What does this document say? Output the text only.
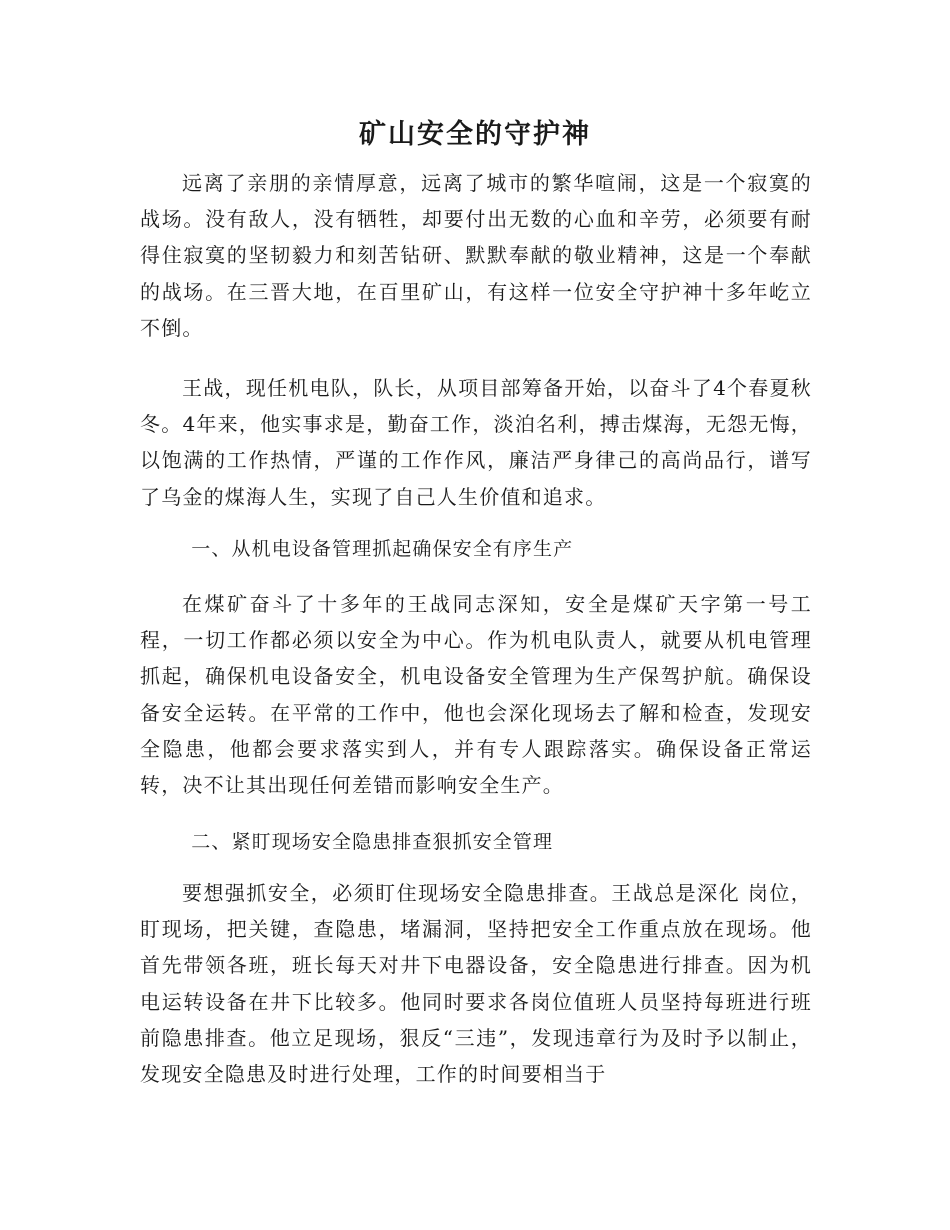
矿山安全的守护神

远离了亲朋的亲情厚意，远离了城市的繁华喧闹，这是一个寂寞的战场。没有敌人，没有牺牲，却要付出无数的心血和辛劳，必须要有耐得住寂寞的坚韧毅力和刻苦钻研、默默奉献的敬业精神，这是一个奉献的战场。在三晋大地，在百里矿山，有这样一位安全守护神十多年屹立不倒。

王战，现任机电队，队长，从项目部筹备开始，以奋斗了4个春夏秋冬。4年来，他实事求是，勤奋工作，淡泊名利，搏击煤海，无怨无悔，以饱满的工作热情，严谨的工作作风，廉洁严身律己的高尚品行，谱写了乌金的煤海人生，实现了自己人生价值和追求。

一、从机电设备管理抓起确保安全有序生产

在煤矿奋斗了十多年的王战同志深知，安全是煤矿天字第一号工程，一切工作都必须以安全为中心。作为机电队责人，就要从机电管理抓起，确保机电设备安全，机电设备安全管理为生产保驾护航。确保设备安全运转。在平常的工作中，他也会深化现场去了解和检查，发现安全隐患，他都会要求落实到人，并有专人跟踪落实。确保设备正常运转，决不让其出现任何差错而影响安全生产。

二、紧盯现场安全隐患排查狠抓安全管理

要想强抓安全，必须盯住现场安全隐患排查。王战总是深化 岗位，盯现场，把关键，查隐患，堵漏洞，坚持把安全工作重点放在现场。他首先带领各班，班长每天对井下电器设备，安全隐患进行排查。因为机电运转设备在井下比较多。他同时要求各岗位值班人员坚持每班进行班前隐患排查。他立足现场，狠反“三违”，发现违章行为及时予以制止，发现安全隐患及时进行处理，工作的时间要相当于
